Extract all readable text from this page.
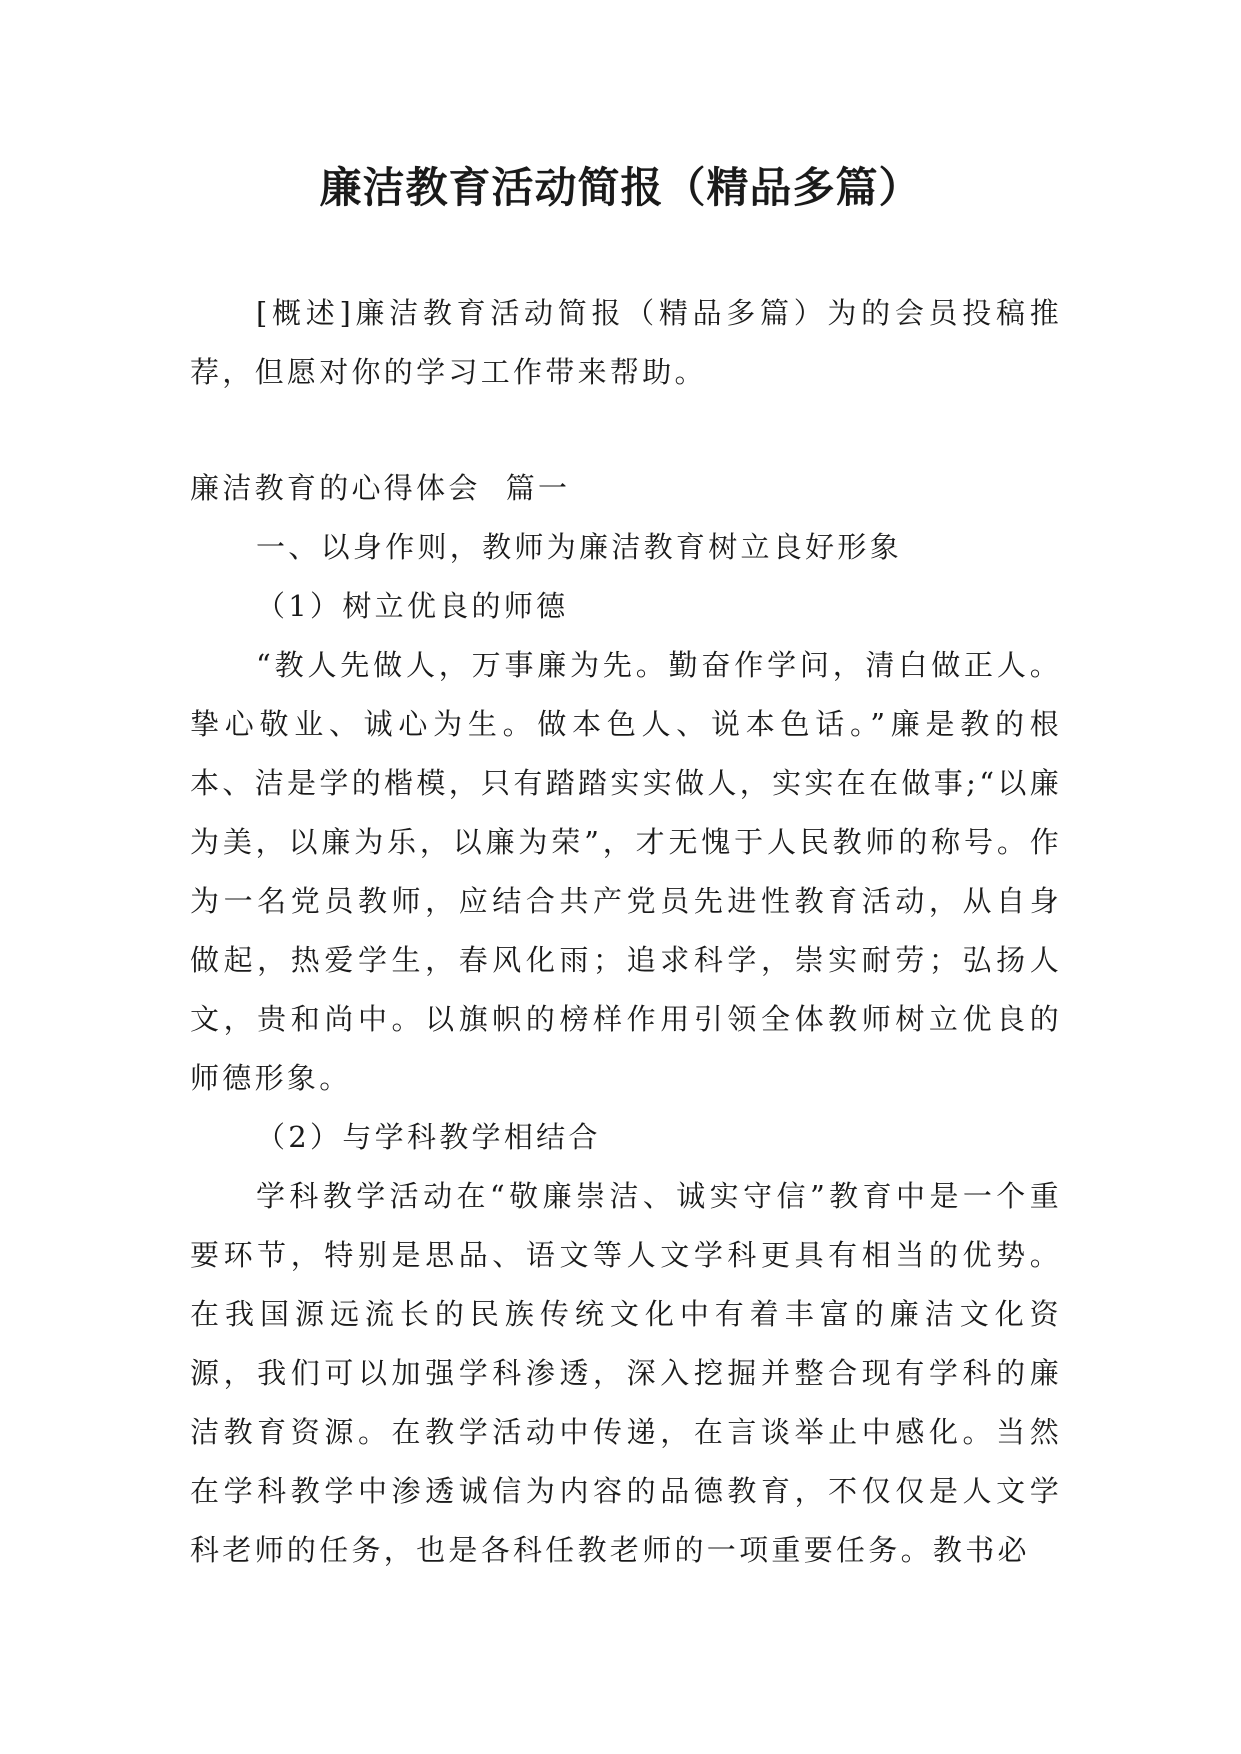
廉洁教育活动简报（精品多篇）

[概述]廉洁教育活动简报（精品多篇）为的会员投稿推荐，但愿对你的学习工作带来帮助。

廉洁教育的心得体会  篇一

一、以身作则，教师为廉洁教育树立良好形象

（1）树立优良的师德

“教人先做人，万事廉为先。勤奋作学问，清白做正人。挚心敬业、诚心为生。做本色人、说本色话。”廉是教的根本、洁是学的楷模，只有踏踏实实做人，实实在在做事;“以廉为美，以廉为乐，以廉为荣”，才无愧于人民教师的称号。作为一名党员教师，应结合共产党员先进性教育活动，从自身做起，热爱学生，春风化雨；追求科学，崇实耐劳；弘扬人文，贵和尚中。以旗帜的榜样作用引领全体教师树立优良的师德形象。

（2）与学科教学相结合

学科教学活动在“敬廉崇洁、诚实守信”教育中是一个重要环节，特别是思品、语文等人文学科更具有相当的优势。在我国源远流长的民族传统文化中有着丰富的廉洁文化资源，我们可以加强学科渗透，深入挖掘并整合现有学科的廉洁教育资源。在教学活动中传递，在言谈举止中感化。当然在学科教学中渗透诚信为内容的品德教育，不仅仅是人文学科老师的任务，也是各科任教老师的一项重要任务。教书必
